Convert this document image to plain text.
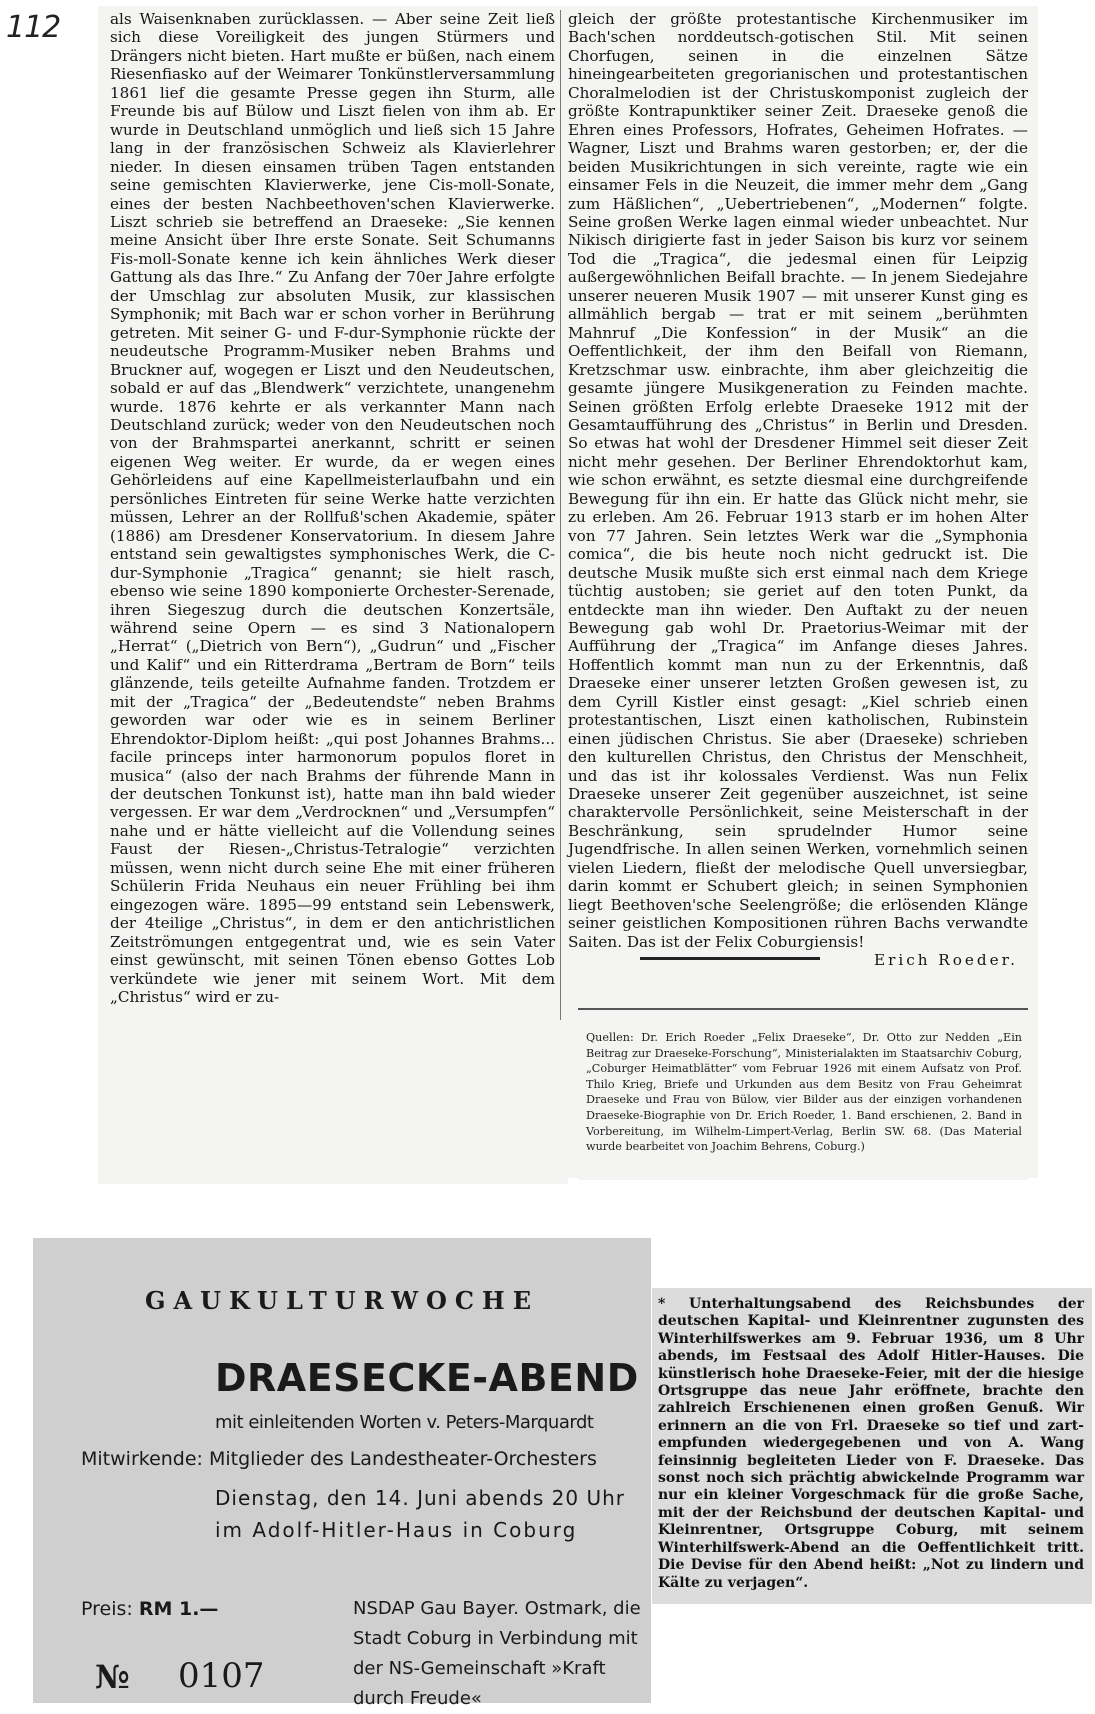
112	als Waisenknaben zurücklassen. — Aber seine Zeit ließ sich diese Voreiligkeit des jungen Stürmers und Drängers nicht bieten. Hart mußte er büßen, nach einem Riesenfiasko auf der Weimarer Tonkünstlerversammlung 1861 lief die gesamte Presse gegen ihn Sturm, alle Freunde bis auf Bülow und Liszt fielen von ihm ab. Er wurde in Deutschland unmöglich und ließ sich 15 Jahre lang in der französischen Schweiz als Klavierlehrer nieder. In diesen einsamen trüben Tagen entstanden seine gemischten Klavierwerke, jene Cis-moll-Sonate, eines der besten Nachbeethoven'schen Klavierwerke. Liszt schrieb sie betreffend an Draeseke: „Sie kennen meine Ansicht über Ihre erste Sonate. Seit Schumanns Fis-moll-Sonate kenne ich kein ähnliches Werk dieser Gattung als das Ihre.“ Zu Anfang der 70er Jahre erfolgte der Umschlag zur absoluten Musik, zur klassischen Symphonik; mit Bach war er schon vorher in Berührung getreten. Mit seiner G- und F-dur-Symphonie rückte der neudeutsche Programm-Musiker neben Brahms und Bruckner auf, wogegen er Liszt und den Neudeutschen, sobald er auf das „Blendwerk“ verzichtete, unangenehm wurde. 1876 kehrte er als verkannter Mann nach Deutschland zurück; weder von den Neudeutschen noch von der Brahmspartei anerkannt, schritt er seinen eigenen Weg weiter. Er wurde, da er wegen eines Gehörleidens auf eine Kapellmeisterlaufbahn und ein persönliches Eintreten für seine Werke hatte verzichten müssen, Lehrer an der Rollfuß'schen Akademie, später (1886) am Dresdener Konservatorium. In diesem Jahre entstand sein gewaltigstes symphonisches Werk, die C-dur-Symphonie „Tragica“ genannt; sie hielt rasch, ebenso wie seine 1890 komponierte Orchester-Serenade, ihren Siegeszug durch die deutschen Konzertsäle, während seine Opern — es sind 3 Nationalopern „Herrat“ („Dietrich von Bern“), „Gudrun“ und „Fischer und Kalif“ und ein Ritterdrama „Bertram de Born“ teils glänzende, teils geteilte Aufnahme fanden. Trotzdem er mit der „Tragica“ der „Bedeutendste“ neben Brahms geworden war oder wie es in seinem Berliner Ehrendoktor-Diplom heißt: „qui post Johannes Brahms... facile princeps inter harmonorum populos floret in musica“ (also der nach Brahms der führende Mann in der deutschen Tonkunst ist), hatte man ihn bald wieder vergessen. Er war dem „Verdrocknen“ und „Versumpfen“ nahe und er hätte vielleicht auf die Vollendung seines Faust der Riesen-„Christus-Tetralogie“ verzichten müssen, wenn nicht durch seine Ehe mit einer früheren Schülerin Frida Neuhaus ein neuer Frühling bei ihm eingezogen wäre. 1895—99 entstand sein Lebenswerk, der 4teilige „Christus“, in dem er den antichristlichen Zeitströmungen entgegentrat und, wie es sein Vater einst gewünscht, mit seinen Tönen ebenso Gottes Lob verkündete wie jener mit seinem Wort. Mit dem „Christus“ wird er zu-

gleich der größte protestantische Kirchenmusiker im Bach'schen norddeutsch-gotischen Stil. Mit seinen Chorfugen, seinen in die einzelnen Sätze hineingearbeiteten gregorianischen und protestantischen Choralmelodien ist der Christuskomponist zugleich der größte Kontrapunktiker seiner Zeit. Draeseke genoß die Ehren eines Professors, Hofrates, Geheimen Hofrates. — Wagner, Liszt und Brahms waren gestorben; er, der die beiden Musikrichtungen in sich vereinte, ragte wie ein einsamer Fels in die Neuzeit, die immer mehr dem „Gang zum Häßlichen“, „Uebertriebenen“, „Modernen“ folgte. Seine großen Werke lagen einmal wieder unbeachtet. Nur Nikisch dirigierte fast in jeder Saison bis kurz vor seinem Tod die „Tragica“, die jedesmal einen für Leipzig außergewöhnlichen Beifall brachte. — In jenem Siedejahre unserer neueren Musik 1907 — mit unserer Kunst ging es allmählich bergab — trat er mit seinem „berühmten Mahnruf „Die Konfession“ in der Musik“ an die Oeffentlichkeit, der ihm den Beifall von Riemann, Kretzschmar usw. einbrachte, ihm aber gleichzeitig die gesamte jüngere Musikgeneration zu Feinden machte. Seinen größten Erfolg erlebte Draeseke 1912 mit der Gesamtaufführung des „Christus“ in Berlin und Dresden. So etwas hat wohl der Dresdener Himmel seit dieser Zeit nicht mehr gesehen. Der Berliner Ehrendoktorhut kam, wie schon erwähnt, es setzte diesmal eine durchgreifende Bewegung für ihn ein. Er hatte das Glück nicht mehr, sie zu erleben. Am 26. Februar 1913 starb er im hohen Alter von 77 Jahren. Sein letztes Werk war die „Symphonia comica“, die bis heute noch nicht gedruckt ist. Die deutsche Musik mußte sich erst einmal nach dem Kriege tüchtig austoben; sie geriet auf den toten Punkt, da entdeckte man ihn wieder. Den Auftakt zu der neuen Bewegung gab wohl Dr. Praetorius-Weimar mit der Aufführung der „Tragica“ im Anfange dieses Jahres. Hoffentlich kommt man nun zu der Erkenntnis, daß Draeseke einer unserer letzten Großen gewesen ist, zu dem Cyrill Kistler einst gesagt: „Kiel schrieb einen protestantischen, Liszt einen katholischen, Rubinstein einen jüdischen Christus. Sie aber (Draeseke) schrieben den kulturellen Christus, den Christus der Menschheit, und das ist ihr kolossales Verdienst. Was nun Felix Draeseke unserer Zeit gegenüber auszeichnet, ist seine charaktervolle Persönlichkeit, seine Meisterschaft in der Beschränkung, sein sprudelnder Humor seine Jugendfrische. In allen seinen Werken, vornehmlich seinen vielen Liedern, fließt der melodische Quell unversiegbar, darin kommt er Schubert gleich; in seinen Symphonien liegt Beethoven'sche Seelengröße; die erlösenden Klänge seiner geistlichen Kompositionen rühren Bachs verwandte Saiten. Das ist der Felix Coburgiensis!

Erich Roeder.

Quellen: Dr. Erich Roeder „Felix Draeseke“, Dr. Otto zur Nedden „Ein Beitrag zur Draeseke-Forschung“, Ministerialakten im Staatsarchiv Coburg, „Coburger Heimatblätter“ vom Februar 1926 mit einem Aufsatz von Prof. Thilo Krieg, Briefe und Urkunden aus dem Besitz von Frau Geheimrat Draeseke und Frau von Bülow, vier Bilder aus der einzigen vorhandenen Draeseke-Biographie von Dr. Erich Roeder, 1. Band erschienen, 2. Band in Vorbereitung, im Wilhelm-Limpert-Verlag, Berlin SW. 68. (Das Material wurde bearbeitet von Joachim Behrens, Coburg.)
GAUKULTURWOCHE
DRAESECKE-ABEND
mit einleitenden Worten v. Peters-Marquardt
Mitwirkende: Mitglieder des Landestheater-Orchesters
Dienstag, den 14. Juni abends 20 Uhr
im Adolf-Hitler-Haus in Coburg
Preis: RM 1.—	NSDAP Gau Bayer. Ostmark, die Stadt Coburg in Verbindung mit der NS-Gemeinschaft »Kraft durch Freude«
№ 0107
* Unterhaltungsabend des Reichsbundes der deutschen Kapital- und Kleinrentner zugunsten des Winterhilfswerkes am 9. Februar 1936, um 8 Uhr abends, im Festsaal des Adolf Hitler-Hauses. Die künstlerisch hohe Draeseke-Feier, mit der die hiesige Ortsgruppe das neue Jahr eröffnete, brachte den zahlreich Erschienenen einen großen Genuß. Wir erinnern an die von Frl. Draeseke so tief und zart-empfunden wiedergegebenen und von A. Wang feinsinnig begleiteten Lieder von F. Draeseke. Das sonst noch sich prächtig abwickelnde Programm war nur ein kleiner Vorgeschmack für die große Sache, mit der der Reichsbund der deutschen Kapital- und Kleinrentner, Ortsgruppe Coburg, mit seinem Winterhilfswerk-Abend an die Oeffentlichkeit tritt. Die Devise für den Abend heißt: „Not zu lindern und Kälte zu verjagen“.
